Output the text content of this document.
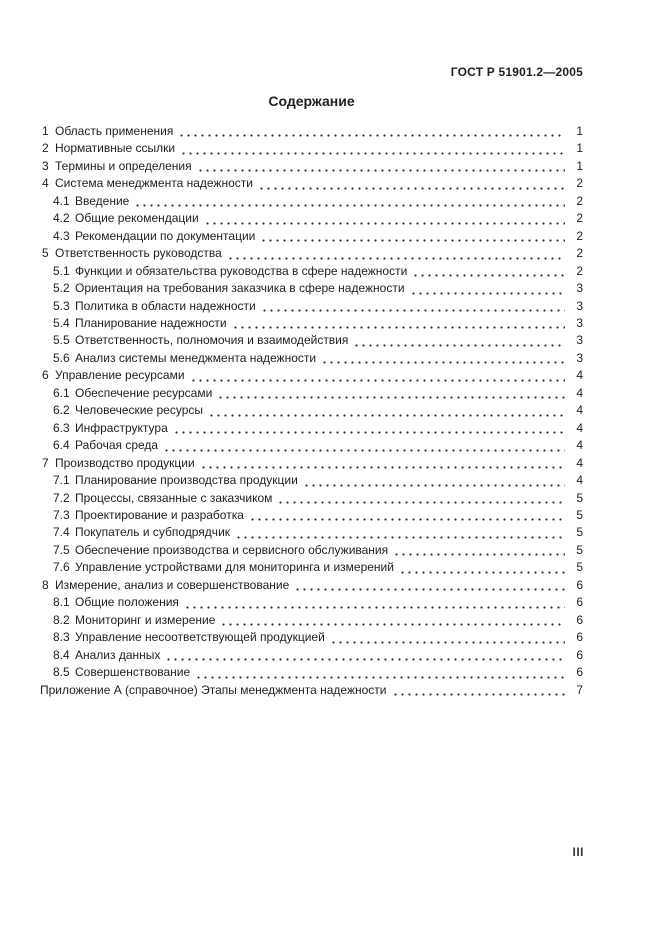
ГОСТ Р 51901.2—2005
Содержание
1 Область применения	1
2 Нормативные ссылки	1
3 Термины и определения	1
4 Система менеджмента надежности	2
4.1 Введение	2
4.2 Общие рекомендации	2
4.3 Рекомендации по документации	2
5 Ответственность руководства	2
5.1 Функции и обязательства руководства в сфере надежности	2
5.2 Ориентация на требования заказчика в сфере надежности	3
5.3 Политика в области надежности	3
5.4 Планирование надежности	3
5.5 Ответственность, полномочия и взаимодействия	3
5.6 Анализ системы менеджмента надежности	3
6 Управление ресурсами	4
6.1 Обеспечение ресурсами	4
6.2 Человеческие ресурсы	4
6.3 Инфраструктура	4
6.4 Рабочая среда	4
7 Производство продукции	4
7.1 Планирование производства продукции	4
7.2 Процессы, связанные с заказчиком	5
7.3 Проектирование и разработка	5
7.4 Покупатель и субподрядчик	5
7.5 Обеспечение производства и сервисного обслуживания	5
7.6 Управление устройствами для мониторинга и измерений	5
8 Измерение, анализ и совершенствование	6
8.1 Общие положения	6
8.2 Мониторинг и измерение	6
8.3 Управление несоответствующей продукцией	6
8.4 Анализ данных	6
8.5 Совершенствование	6
Приложение А (справочное) Этапы менеджмента надежности	7
III
